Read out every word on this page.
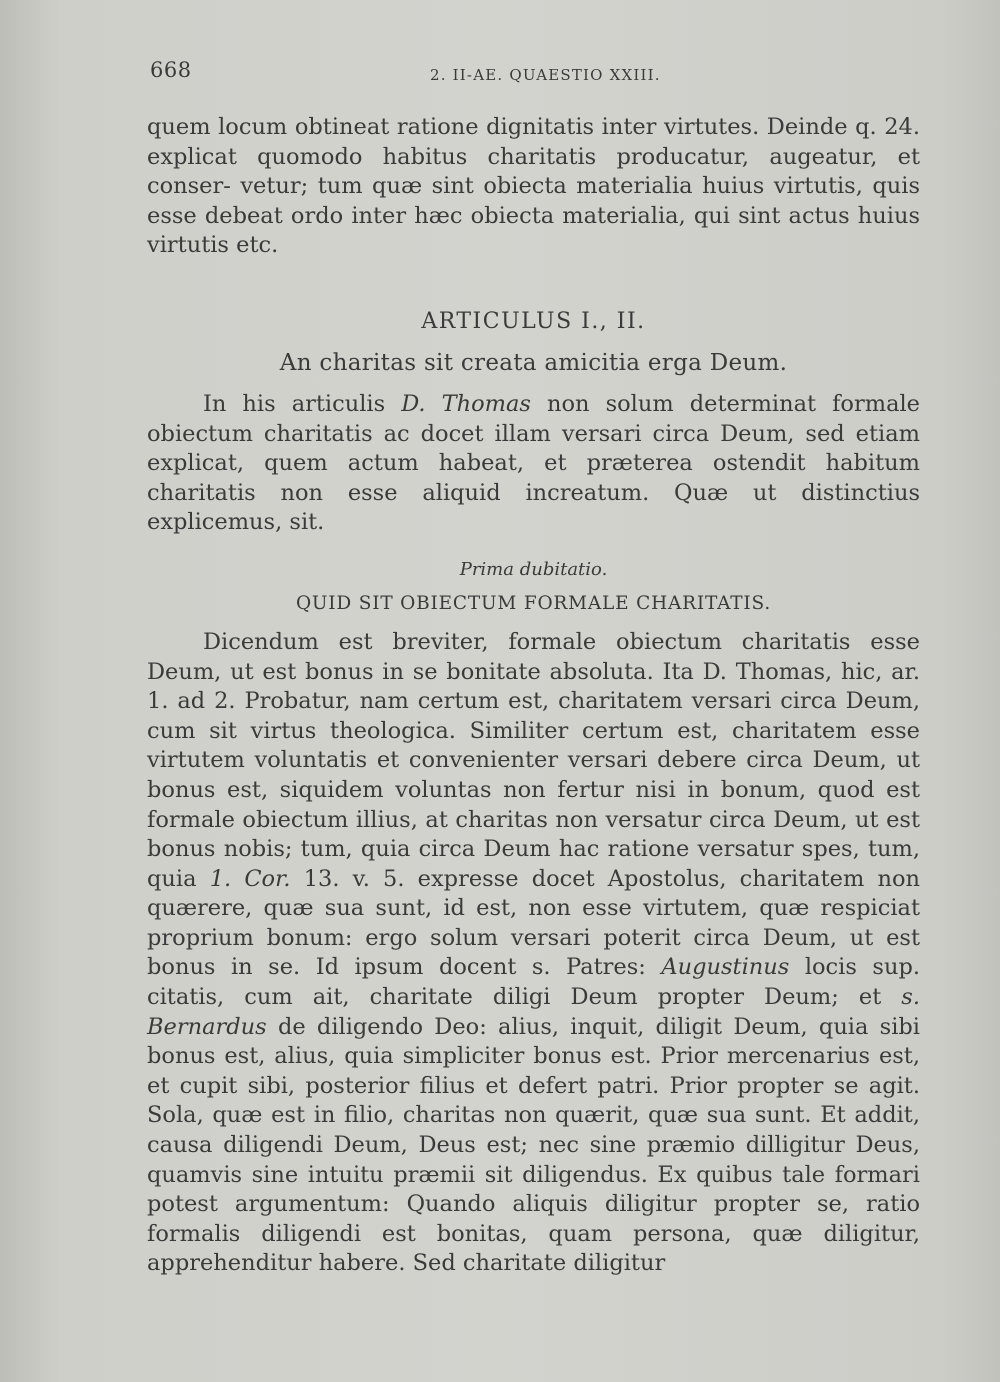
668	2. II-AE. QUAESTIO XXIII.

quem locum obtineat ratione dignitatis inter virtutes. Deinde q. 24. explicat quomodo habitus charitatis producatur, augeatur, et conser- vetur; tum quæ sint obiecta materialia huius virtutis, quis esse debeat ordo inter hæc obiecta materialia, qui sint actus huius virtutis etc.

ARTICULUS I., II.

An charitas sit creata amicitia erga Deum.

In his articulis D. Thomas non solum determinat formale obiectum charitatis ac docet illam versari circa Deum, sed etiam explicat, quem actum habeat, et præterea ostendit habitum charitatis non esse aliquid increatum. Quæ ut distinctius explicemus, sit.

Prima dubitatio.

QUID SIT OBIECTUM FORMALE CHARITATIS.

Dicendum est breviter, formale obiectum charitatis esse Deum, ut est bonus in se bonitate absoluta. Ita D. Thomas, hic, ar. 1. ad 2. Probatur, nam certum est, charitatem versari circa Deum, cum sit virtus theologica. Similiter certum est, charitatem esse virtutem voluntatis et convenienter versari debere circa Deum, ut bonus est, siquidem voluntas non fertur nisi in bonum, quod est formale obiectum illius, at charitas non versatur circa Deum, ut est bonus nobis; tum, quia circa Deum hac ratione versatur spes, tum, quia 1. Cor. 13. v. 5. expresse docet Apostolus, charitatem non quærere, quæ sua sunt, id est, non esse virtutem, quæ respiciat proprium bonum: ergo solum versari poterit circa Deum, ut est bonus in se. Id ipsum docent s. Patres: Augustinus locis sup. citatis, cum ait, charitate diligi Deum propter Deum; et s. Bernardus de diligendo Deo: alius, inquit, diligit Deum, quia sibi bonus est, alius, quia simpliciter bonus est. Prior mercenarius est, et cupit sibi, posterior filius et defert patri. Prior propter se agit. Sola, quæ est in filio, charitas non quærit, quæ sua sunt. Et addit, causa diligendi Deum, Deus est; nec sine præmio dilligitur Deus, quamvis sine intuitu præmii sit diligendus. Ex quibus tale formari potest argumentum: Quando aliquis diligitur propter se, ratio formalis diligendi est bonitas, quam persona, quæ diligitur, apprehenditur habere. Sed charitate diligitur
